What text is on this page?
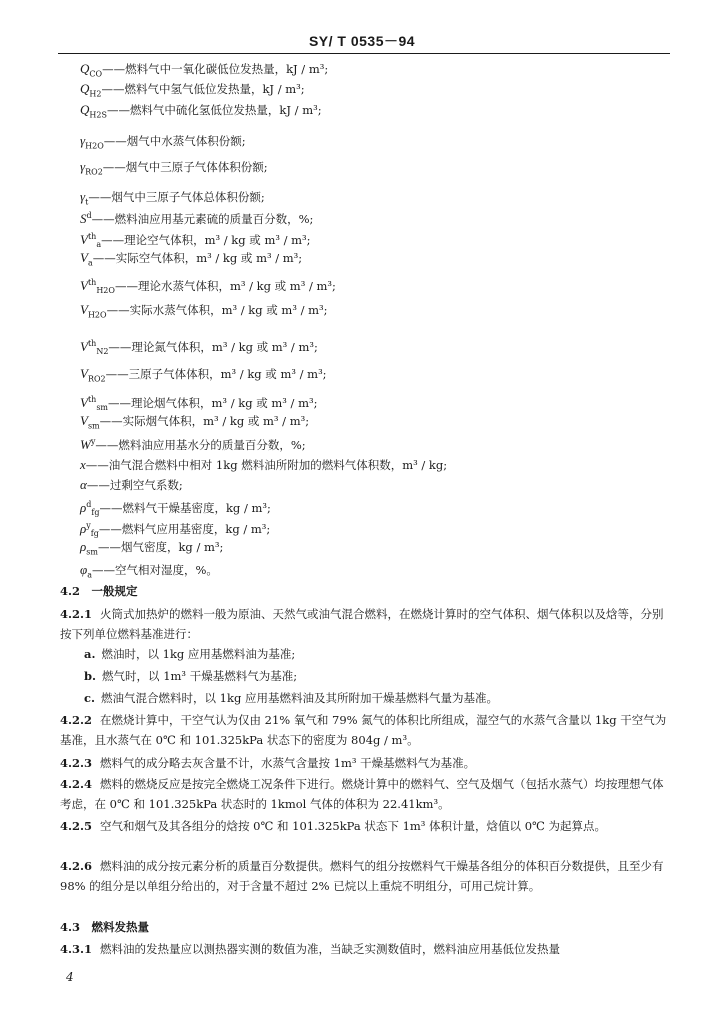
SY/ T 0535－94
$Q_{CO}——$燃料气中一氧化碳低位发热量，kJ / m³;
$Q_{H2}——$燃料气中氢气低位发热量，kJ / m³;
$Q_{H2S}——$燃料气中硫化氢低位发热量，kJ / m³;
$\gamma_{H2O}——$烟气中水蒸气体积份额;
$\gamma_{RO2}——$烟气中三原子气体体积份额;
$\gamma_t——$烟气中三原子气体总体积份额;
$S^d——$燃料油应用基元素硫的质量百分数，%;
$Vth_a——$理论空气体积，m³ / kg 或 m³ / m³;
$V_a——$实际空气体积，m³ / kg 或 m³ / m³;
$Vth_{H2O}——$理论水蒸气体积，m³ / kg 或 m³ / m³;
$V_{H2O}——$实际水蒸气体积，m³ / kg 或 m³ / m³;
$Vth_{N2}——$理论氮气体积，m³ / kg 或 m³ / m³;
$V_{RO2}——$三原子气体体积，m³ / kg 或 m³ / m³;
$Vth_{sm}——$理论烟气体积，m³ / kg 或 m³ / m³;
$V_{sm}——$实际烟气体积，m³ / kg 或 m³ / m³;
$W^y——$燃料油应用基水分的质量百分数，%;
x——油气混合燃料中相对 1kg 燃料油所附加的燃料气体积数，m³ / kg;
α——过剩空气系数;
$\rho^d_{fg}——$燃料气干燥基密度，kg / m³;
$\rho^y_{fg}——$燃料气应用基密度，kg / m³;
$\rho_{sm}——$烟气密度，kg / m³;
$\varphi_a——$空气相对湿度，%。
4.2　一般规定
4.2.1 火筒式加热炉的燃料一般为原油、天然气或油气混合燃料，在燃烧计算时的空气体积、烟气体积以及焓等，分别按下列单位燃料基准进行：
a. 燃油时，以 1kg 应用基燃料油为基准;
b. 燃气时，以 1m³ 干燥基燃料气为基准;
c. 燃油气混合燃料时，以 1kg 应用基燃料油及其所附加干燥基燃料气量为基准。
4.2.2 在燃烧计算中，干空气认为仅由 21% 氧气和 79% 氮气的体积比所组成，湿空气的水蒸气含量以 1kg 干空气为基准，且水蒸气在 0℃ 和 101.325kPa 状态下的密度为 804g / m³。
4.2.3 燃料气的成分略去灰含量不计，水蒸气含量按 1m³ 干燥基燃料气为基准。
4.2.4 燃料的燃烧反应是按完全燃烧工况条件下进行。燃烧计算中的燃料气、空气及烟气（包括水蒸气）均按理想气体考虑，在 0℃ 和 101.325kPa 状态时的 1kmol 气体的体积为 22.41km³。
4.2.5 空气和烟气及其各组分的焓按 0℃ 和 101.325kPa 状态下 1m³ 体积计量，焓值以 0℃ 为起算点。
4.2.6 燃料油的成分按元素分析的质量百分数提供。燃料气的组分按燃料气干燥基各组分的体积百分数提供，且至少有 98% 的组分是以单组分给出的，对于含量不超过 2% 已烷以上重烷不明组分，可用己烷计算。
4.3　燃料发热量
4.3.1 燃料油的发热量应以测热器实测的数值为准，当缺乏实测数值时，燃料油应用基低位发热量
4
